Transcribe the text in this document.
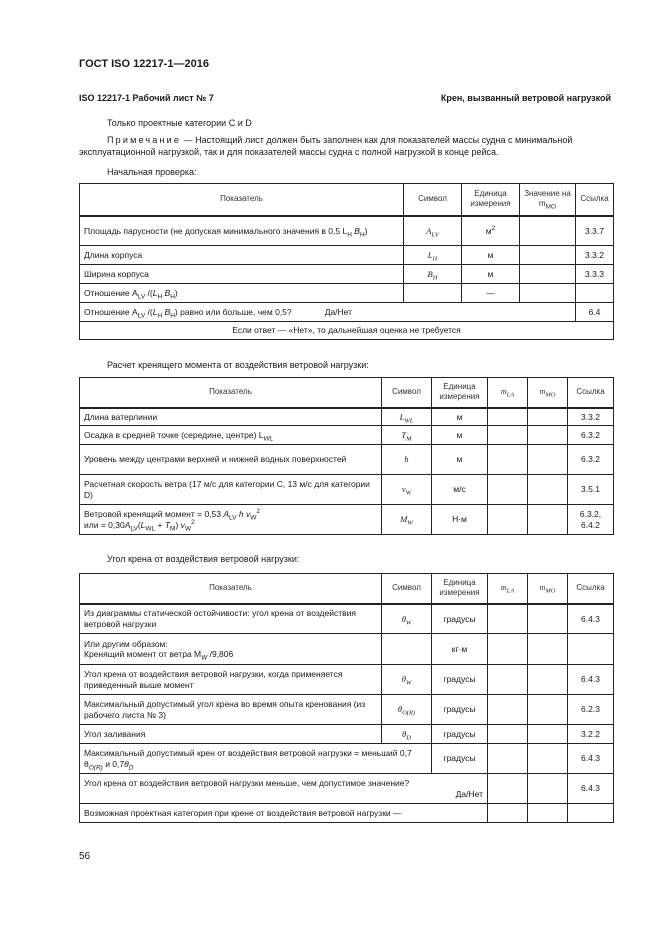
ГОСТ ISO 12217-1—2016
ISO 12217-1 Рабочий лист № 7	Крен, вызванный ветровой нагрузкой
Только проектные категории C и D
Примечание — Настоящий лист должен быть заполнен как для показателей массы судна с минимальной эксплуатационной нагрузкой, так и для показателей массы судна с полной нагрузкой в конце рейса.
Начальная проверка:
Показатель	Символ	Единица измерения	Значение на $m_{MO}$	Ссылка
Площадь парусности (не допуская минимального значения в 0,5 $L_H$ $B_H$)	$A_{LV}$	$м^2$		3.3.7
Длина корпуса	$L_H$	м		3.3.2
Ширина корпуса	$B_H$	м		3.3.3
Отношение $A_{LV}$ $/(L_H$ $B_H$)		—		
Отношение $A_{LV}$ $/(L_H$ $B_H$) равно или больше, чем 0,5?              Да/Нет				6.4
Если ответ — «Нет», то дальнейшая оценка не требуется				
Расчет кренящего момента от воздействия ветровой нагрузки:
Показатель	Символ	Единица измерения	$m_{LA}$	$m_{MO}$	Ссылка
Длина ватерлинии	$L_{WL}$	м			3.3.2
Осадка в средней точке (середине, центре) $L_{WL}$	$T_M$	м			6.3.2
Уровень между центрами верхней и нижней водных поверхностей	h	м			6.3.2
Расчетная скорость ветра (17 м/с для категории C, 13 м/с для категории D)	$v_W$	м/с			3.5.1
Ветровой кренящий момент = 0,53 $A_{LV}$ h $v_W^2$
или = $0,30A_{LV}(L_{WL} + T_M)$ $v_W^2$	$M_W$	Н·м			6.3.2, 6.4.2
Угол крена от воздействия ветровой нагрузки:
Показатель	Символ	Единица измерения	$m_{LA}$	$m_{MO}$	Ссылка
Из диаграммы статической остойчивости: угол крена от воздействия ветровой нагрузки	$\theta_W$	градусы			6.4.3
Или другим образом:
Кренящий момент от ветра $M_W$ /9,806		кг·м			
Угол крена от воздействия ветровой нагрузки, когда применяется приведенный выше момент	$\theta_W$	градусы			6.4.3
Максимальный допустимый угол крена во время опыта кренования (из рабочего листа № 3)	$\theta_{O(R)}$	градусы			6.2.3
Угол заливания	$\theta_D$	градусы			3.2.2
Максимальный допустимый крен от воздействия ветровой нагрузки = меньший 0,7 $\theta_{O(R)}$ и $0,7\theta_D$		градусы			6.4.3
Угол крена от воздействия ветровой нагрузки меньше, чем допустимое значение?
Да/Нет					6.4.3
Возможная проектная категория при крене от воздействия ветровой нагрузки —					
56
